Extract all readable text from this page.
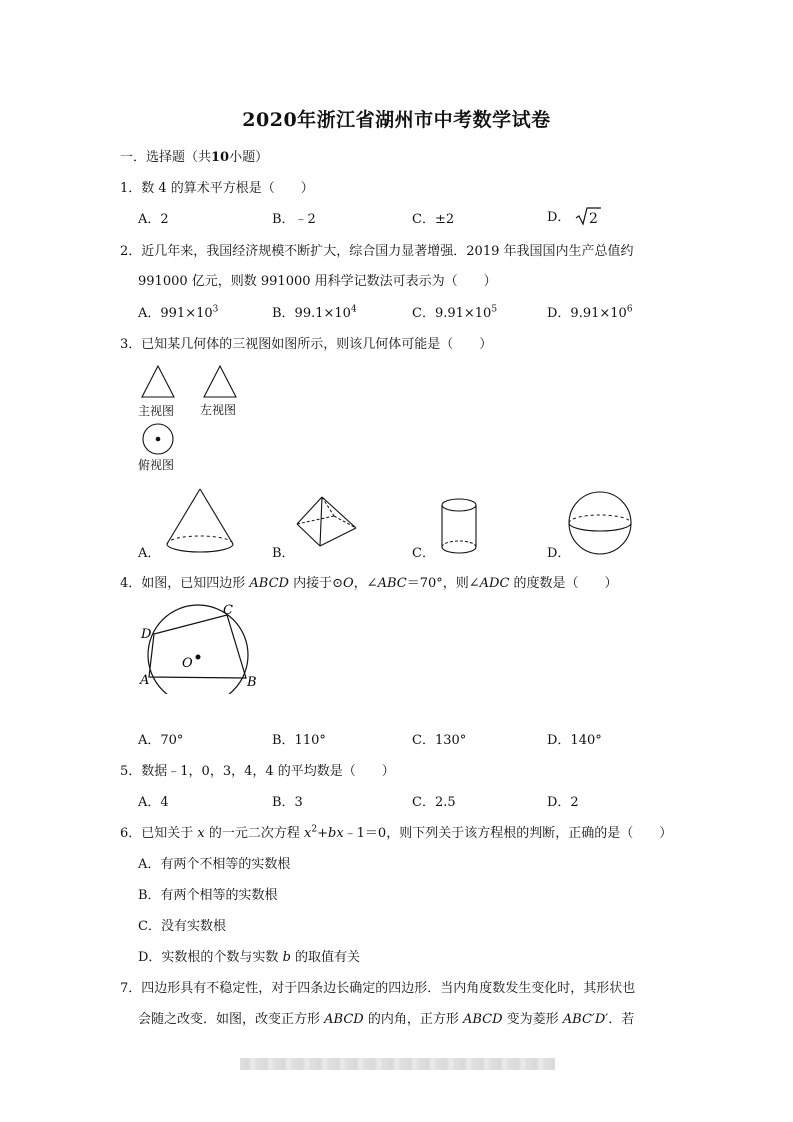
2020年浙江省湖州市中考数学试卷
一．选择题（共10小题）
1．数 4 的算术平方根是（　　）
A．2	B．﹣2	C．±2	D． 2
2．近几年来，我国经济规模不断扩大，综合国力显著增强．2019 年我国国内生产总值约
991000 亿元，则数 991000 用科学记数法可表示为（　　）
A．$991\times 10^3$	B．$99.1\times 10^4$	C．$9.91\times 10^5$	D．$9.91\times 10^6$
3．已知某几何体的三视图如图所示，则该几何体可能是（　　）
主视图 左视图
俯视图
A．	B．	C．	D．
4．如图，已知四边形 ABCD 内接于⊙O，∠ABC＝70°，则∠ADC 的度数是（　　）
A	B
C
D
O
A．70°	B．110°	C．130°	D．140°
5．数据﹣1，0，3，4，4 的平均数是（　　）
A．4	B．3	C．2.5	D．2
6．已知关于 x 的一元二次方程 $x^2+bx﹣1=0$，则下列关于该方程根的判断，正确的是（　　）
A．有两个不相等的实数根
B．有两个相等的实数根
C．没有实数根
D．实数根的个数与实数 b 的取值有关
7．四边形具有不稳定性，对于四条边长确定的四边形．当内角度数发生变化时，其形状也
会随之改变．如图，改变正方形 ABCD 的内角，正方形 ABCD 变为菱形 ABC′D′．若
